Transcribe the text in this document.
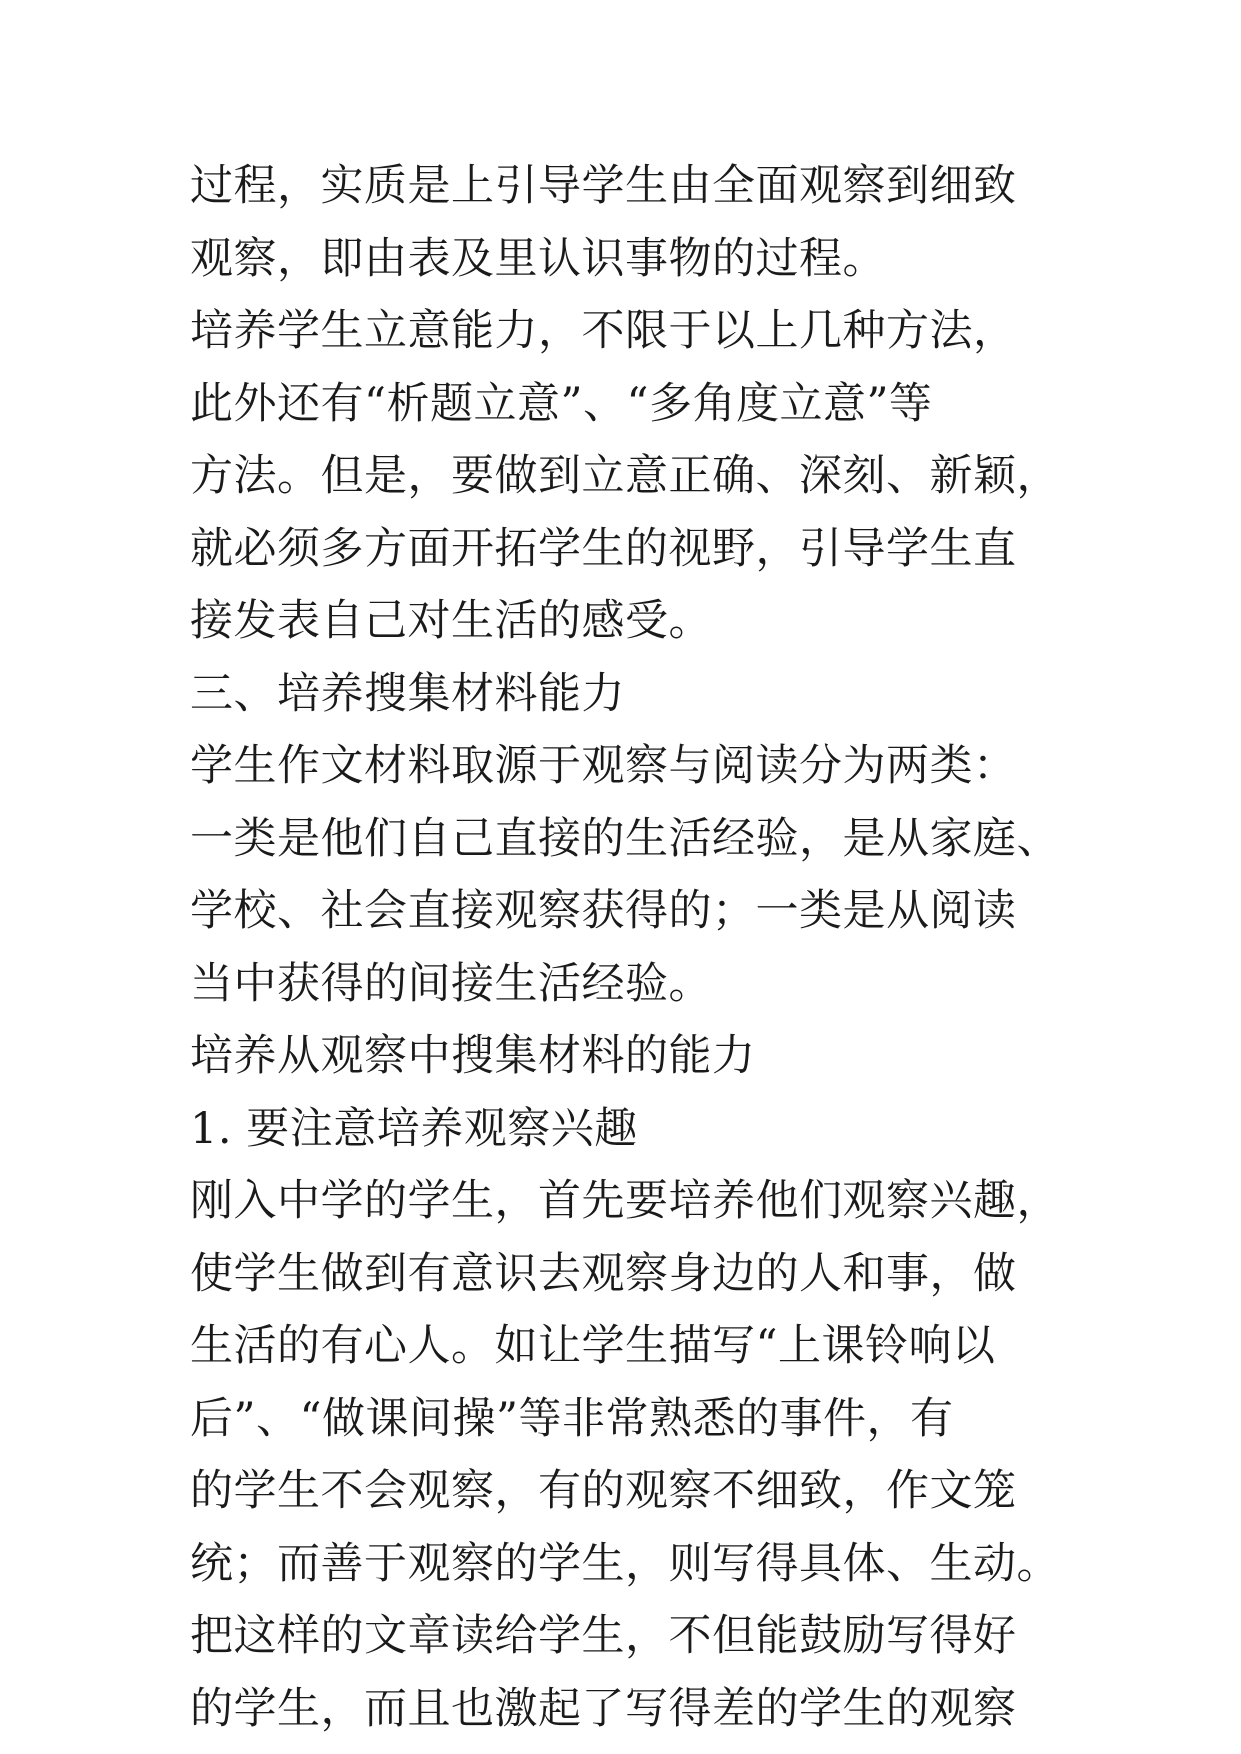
过程，实质是上引导学生由全面观察到细致
观察，即由表及里认识事物的过程。
培养学生立意能力，不限于以上几种方法，
此外还有“析题立意”、“多角度立意”等
方法。但是，要做到立意正确、深刻、新颖，
就必须多方面开拓学生的视野，引导学生直
接发表自己对生活的感受。
三、培养搜集材料能力
学生作文材料取源于观察与阅读分为两类：
一类是他们自己直接的生活经验，是从家庭、
学校、社会直接观察获得的；一类是从阅读
当中获得的间接生活经验。
培养从观察中搜集材料的能力
1. 要注意培养观察兴趣
刚入中学的学生，首先要培养他们观察兴趣，
使学生做到有意识去观察身边的人和事，做
生活的有心人。如让学生描写“上课铃响以
后”、“做课间操”等非常熟悉的事件，有
的学生不会观察，有的观察不细致，作文笼
统；而善于观察的学生，则写得具体、生动。
把这样的文章读给学生，不但能鼓励写得好
的学生，而且也激起了写得差的学生的观察
